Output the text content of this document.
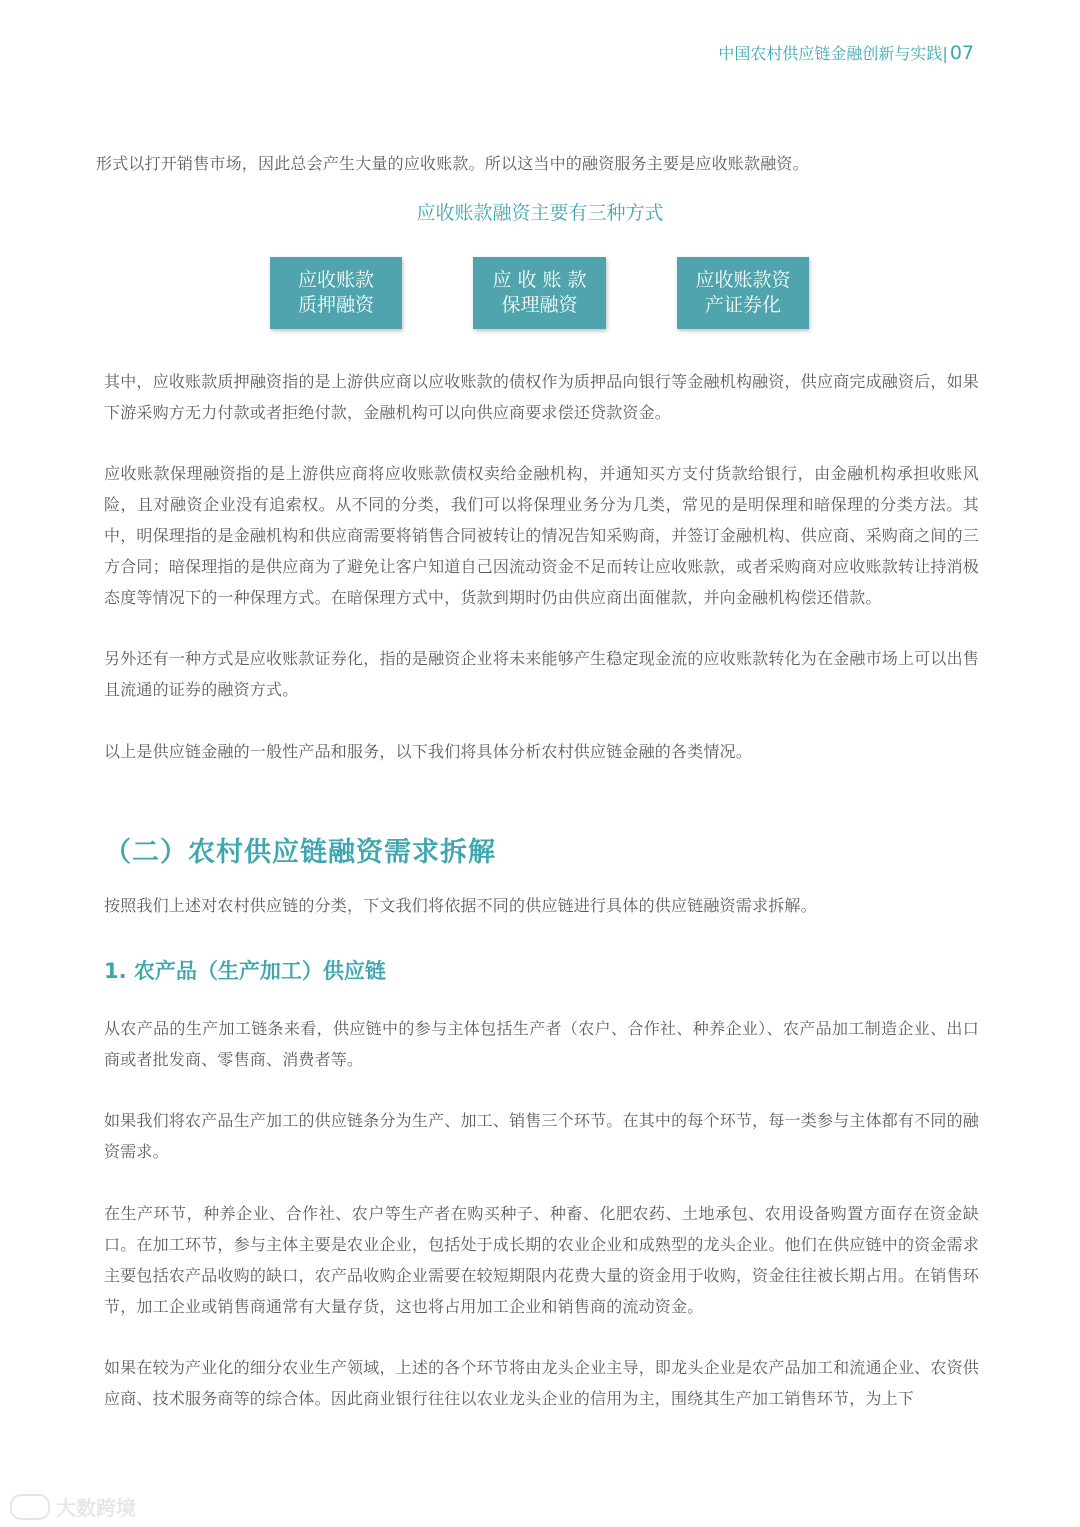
中国农村供应链金融创新与实践| 07
形式以打开销售市场，因此总会产生大量的应收账款。所以这当中的融资服务主要是应收账款融资。
应收账款融资主要有三种方式
应收账款
质押融资
应 收 账 款
保理融资
应收账款资
产证券化
其中，应收账款质押融资指的是上游供应商以应收账款的债权作为质押品向银行等金融机构融资，供应商完成融资后，如果下游采购方无力付款或者拒绝付款，金融机构可以向供应商要求偿还贷款资金。
应收账款保理融资指的是上游供应商将应收账款债权卖给金融机构，并通知买方支付货款给银行，由金融机构承担收账风险，且对融资企业没有追索权。从不同的分类，我们可以将保理业务分为几类，常见的是明保理和暗保理的分类方法。其中，明保理指的是金融机构和供应商需要将销售合同被转让的情况告知采购商，并签订金融机构、供应商、采购商之间的三方合同；暗保理指的是供应商为了避免让客户知道自己因流动资金不足而转让应收账款，或者采购商对应收账款转让持消极态度等情况下的一种保理方式。在暗保理方式中，货款到期时仍由供应商出面催款，并向金融机构偿还借款。
另外还有一种方式是应收账款证券化，指的是融资企业将未来能够产生稳定现金流的应收账款转化为在金融市场上可以出售且流通的证券的融资方式。
以上是供应链金融的一般性产品和服务，以下我们将具体分析农村供应链金融的各类情况。
（二）农村供应链融资需求拆解
按照我们上述对农村供应链的分类，下文我们将依据不同的供应链进行具体的供应链融资需求拆解。
1. 农产品（生产加工）供应链
从农产品的生产加工链条来看，供应链中的参与主体包括生产者（农户、合作社、种养企业）、农产品加工制造企业、出口商或者批发商、零售商、消费者等。
如果我们将农产品生产加工的供应链条分为生产、加工、销售三个环节。在其中的每个环节，每一类参与主体都有不同的融资需求。
在生产环节，种养企业、合作社、农户等生产者在购买种子、种畜、化肥农药、土地承包、农用设备购置方面存在资金缺口。在加工环节，参与主体主要是农业企业，包括处于成长期的农业企业和成熟型的龙头企业。他们在供应链中的资金需求主要包括农产品收购的缺口，农产品收购企业需要在较短期限内花费大量的资金用于收购，资金往往被长期占用。在销售环节，加工企业或销售商通常有大量存货，这也将占用加工企业和销售商的流动资金。
如果在较为产业化的细分农业生产领域，上述的各个环节将由龙头企业主导，即龙头企业是农产品加工和流通企业、农资供应商、技术服务商等的综合体。因此商业银行往往以农业龙头企业的信用为主，围绕其生产加工销售环节，为上下
大数跨境
